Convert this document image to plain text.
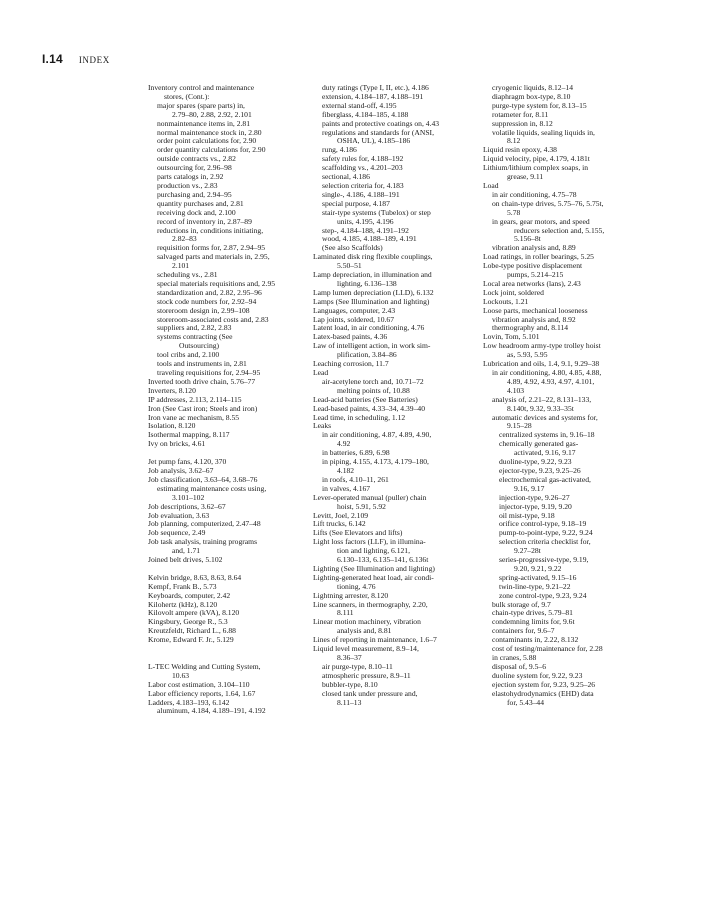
I.14 INDEX
Inventory control and maintenance
stores, (Cont.):
major spares (spare parts) in,
2.79–80, 2.88, 2.92, 2.101
nonmaintenance items in, 2.81
normal maintenance stock in, 2.80
order point calculations for, 2.90
order quantity calculations for, 2.90
outside contracts vs., 2.82
outsourcing for, 2.96–98
parts catalogs in, 2.92
production vs., 2.83
purchasing and, 2.94–95
quantity purchases and, 2.81
receiving dock and, 2.100
record of inventory in, 2.87–89
reductions in, conditions initiating,
2.82–83
requisition forms for, 2.87, 2.94–95
salvaged parts and materials in, 2.95,
2.101
scheduling vs., 2.81
special materials requisitions and, 2.95
standardization and, 2.82, 2.95–96
stock code numbers for, 2.92–94
storeroom design in, 2.99–108
storeroom-associated costs and, 2.83
suppliers and, 2.82, 2.83
systems contracting (See
Outsourcing)
tool cribs and, 2.100
tools and instruments in, 2.81
traveling requisitions for, 2.94–95
Inverted tooth drive chain, 5.76–77
Inverters, 8.120
IP addresses, 2.113, 2.114–115
Iron (See Cast iron; Steels and iron)
Iron vane ac mechanism, 8.55
Isolation, 8.120
Isothermal mapping, 8.117
Ivy on bricks, 4.61
Jet pump fans, 4.120, 370
Job analysis, 3.62–67
Job classification, 3.63–64, 3.68–76
estimating maintenance costs using,
3.101–102
Job descriptions, 3.62–67
Job evaluation, 3.63
Job planning, computerized, 2.47–48
Job sequence, 2.49
Job task analysis, training programs
and, 1.71
Joined belt drives, 5.102
Kelvin bridge, 8.63, 8.63, 8.64
Kempf, Frank B., 5.73
Keyboards, computer, 2.42
Kilohertz (kHz), 8.120
Kilovolt ampere (kVA), 8.120
Kingsbury, George R., 5.3
Kreutzfeldt, Richard L., 6.88
Krome, Edward F. Jr., 5.129
L-TEC Welding and Cutting System,
10.63
Labor cost estimation, 3.104–110
Labor efficiency reports, 1.64, 1.67
Ladders, 4.183–193, 6.142
aluminum, 4.184, 4.189–191, 4.192
duty ratings (Type I, II, etc.), 4.186
extension, 4.184–187, 4.188–191
external stand-off, 4.195
fiberglass, 4.184–185, 4.188
paints and protective coatings on, 4.43
regulations and standards for (ANSI,
OSHA, UL), 4.185–186
rung, 4.186
safety rules for, 4.188–192
scaffolding vs., 4.201–203
sectional, 4.186
selection criteria for, 4.183
single-, 4.186, 4.188–191
special purpose, 4.187
stair-type systems (Tubelox) or step
units, 4.195, 4.196
step-, 4.184–188, 4.191–192
wood, 4.185, 4.188–189, 4.191
(See also Scaffolds)
Laminated disk ring flexible couplings,
5.50–51
Lamp depreciation, in illumination and
lighting, 6.136–138
Lamp lumen depreciation (LLD), 6.132
Lamps (See Illumination and lighting)
Languages, computer, 2.43
Lap joints, soldered, 10.67
Latent load, in air conditioning, 4.76
Latex-based paints, 4.36
Law of intelligent action, in work sim-
plification, 3.84–86
Leaching corrosion, 11.7
Lead
air-acetylene torch and, 10.71–72
melting points of, 10.88
Lead-acid batteries (See Batteries)
Lead-based paints, 4.33–34, 4.39–40
Lead time, in scheduling, 1.12
Leaks
in air conditioning, 4.87, 4.89, 4.90,
4.92
in batteries, 6.89, 6.98
in piping, 4.155, 4.173, 4.179–180,
4.182
in roofs, 4.10–11, 261
in valves, 4.167
Lever-operated manual (puller) chain
hoist, 5.91, 5.92
Levitt, Joel, 2.109
Lift trucks, 6.142
Lifts (See Elevators and lifts)
Light loss factors (LLF), in illumina-
tion and lighting, 6.121,
6.130–133, 6.135–141, 6.136t
Lighting (See Illumination and lighting)
Lighting-generated heat load, air condi-
tioning, 4.76
Lightning arrester, 8.120
Line scanners, in thermography, 2.20,
8.111
Linear motion machinery, vibration
analysis and, 8.81
Lines of reporting in maintenance, 1.6–7
Liquid level measurement, 8.9–14,
8.36–37
air purge-type, 8.10–11
atmospheric pressure, 8.9–11
bubbler-type, 8.10
closed tank under pressure and,
8.11–13
cryogenic liquids, 8.12–14
diaphragm box-type, 8.10
purge-type system for, 8.13–15
rotameter for, 8.11
suppression in, 8.12
volatile liquids, sealing liquids in,
8.12
Liquid resin epoxy, 4.38
Liquid velocity, pipe, 4.179, 4.181t
Lithium/lithium complex soaps, in
grease, 9.11
Load
in air conditioning, 4.75–78
on chain-type drives, 5.75–76, 5.75t,
5.78
in gears, gear motors, and speed
reducers selection and, 5.155,
5.156–8t
vibration analysis and, 8.89
Load ratings, in roller bearings, 5.25
Lobe-type positive displacement
pumps, 5.214–215
Local area networks (lans), 2.43
Lock joint, soldered
Lockouts, 1.21
Loose parts, mechanical looseness
vibration analysis and, 8.92
thermography and, 8.114
Lovin, Tom, 5.101
Low headroom army-type trolley hoist
as, 5.93, 5.95
Lubrication and oils, 1.4, 9.1, 9.29–38
in air conditioning, 4.80, 4.85, 4.88,
4.89, 4.92, 4.93, 4.97, 4.101,
4.103
analysis of, 2.21–22, 8.131–133,
8.140t, 9.32, 9.33–35t
automatic devices and systems for,
9.15–28
centralized systems in, 9.16–18
chemically generated gas-
activated, 9.16, 9.17
duoline-type, 9.22, 9.23
ejector-type, 9.23, 9.25–26
electrochemical gas-activated,
9.16, 9.17
injection-type, 9.26–27
injector-type, 9.19, 9.20
oil mist-type, 9.18
orifice control-type, 9.18–19
pump-to-point-type, 9.22, 9.24
selection criteria checklist for,
9.27–28t
series-progressive-type, 9.19,
9.20, 9.21, 9.22
spring-activated, 9.15–16
twin-line-type, 9.21–22
zone control-type, 9.23, 9.24
bulk storage of, 9.7
chain-type drives, 5.79–81
condemning limits for, 9.6t
containers for, 9.6–7
contaminants in, 2.22, 8.132
cost of testing/maintenance for, 2.28
in cranes, 5.88
disposal of, 9.5–6
duoline system for, 9.22, 9.23
ejection system for, 9.23, 9.25–26
elastohydrodynamics (EHD) data
for, 5.43–44
